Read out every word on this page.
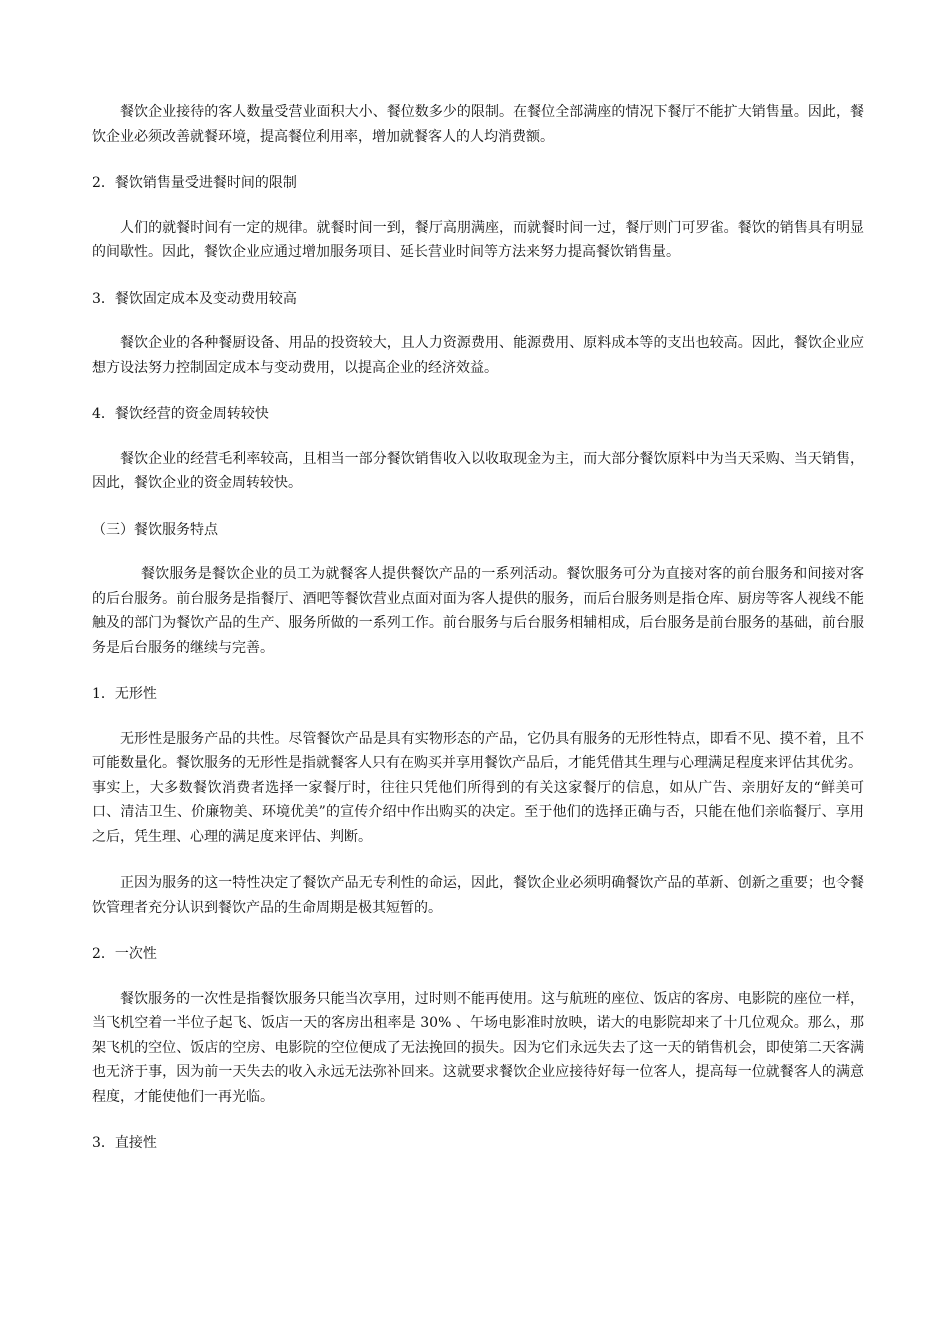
餐饮企业接待的客人数量受营业面积大小、餐位数多少的限制。在餐位全部满座的情况下餐厅不能扩大销售量。因此，餐饮企业必须改善就餐环境，提高餐位利用率，增加就餐客人的人均消费额。

2．餐饮销售量受进餐时间的限制

人们的就餐时间有一定的规律。就餐时间一到，餐厅高朋满座，而就餐时间一过，餐厅则门可罗雀。餐饮的销售具有明显的间歇性。因此，餐饮企业应通过增加服务项目、延长营业时间等方法来努力提高餐饮销售量。

3．餐饮固定成本及变动费用较高

餐饮企业的各种餐厨设备、用品的投资较大，且人力资源费用、能源费用、原料成本等的支出也较高。因此，餐饮企业应想方设法努力控制固定成本与变动费用，以提高企业的经济效益。

4．餐饮经营的资金周转较快

餐饮企业的经营毛利率较高，且相当一部分餐饮销售收入以收取现金为主，而大部分餐饮原料中为当天采购、当天销售，因此，餐饮企业的资金周转较快。

（三）餐饮服务特点

餐饮服务是餐饮企业的员工为就餐客人提供餐饮产品的一系列活动。餐饮服务可分为直接对客的前台服务和间接对客的后台服务。前台服务是指餐厅、酒吧等餐饮营业点面对面为客人提供的服务，而后台服务则是指仓库、厨房等客人视线不能触及的部门为餐饮产品的生产、服务所做的一系列工作。前台服务与后台服务相辅相成，后台服务是前台服务的基础，前台服务是后台服务的继续与完善。

1．无形性

无形性是服务产品的共性。尽管餐饮产品是具有实物形态的产品，它仍具有服务的无形性特点，即看不见、摸不着，且不可能数量化。餐饮服务的无形性是指就餐客人只有在购买并享用餐饮产品后，才能凭借其生理与心理满足程度来评估其优劣。

事实上，大多数餐饮消费者选择一家餐厅时，往往只凭他们所得到的有关这家餐厅的信息，如从广告、亲朋好友的“鲜美可口、清洁卫生、价廉物美、环境优美”的宣传介绍中作出购买的决定。至于他们的选择正确与否，只能在他们亲临餐厅、享用之后，凭生理、心理的满足度来评估、判断。

正因为服务的这一特性决定了餐饮产品无专利性的命运，因此，餐饮企业必须明确餐饮产品的革新、创新之重要；也令餐饮管理者充分认识到餐饮产品的生命周期是极其短暂的。

2．一次性

餐饮服务的一次性是指餐饮服务只能当次享用，过时则不能再使用。这与航班的座位、饭店的客房、电影院的座位一样，当飞机空着一半位子起飞、饭店一天的客房出租率是 30% 、午场电影准时放映，诺大的电影院却来了十几位观众。那么，那架飞机的空位、饭店的空房、电影院的空位便成了无法挽回的损失。因为它们永远失去了这一天的销售机会，即使第二天客满也无济于事，因为前一天失去的收入永远无法弥补回来。这就要求餐饮企业应接待好每一位客人，提高每一位就餐客人的满意程度，才能使他们一再光临。

3．直接性
